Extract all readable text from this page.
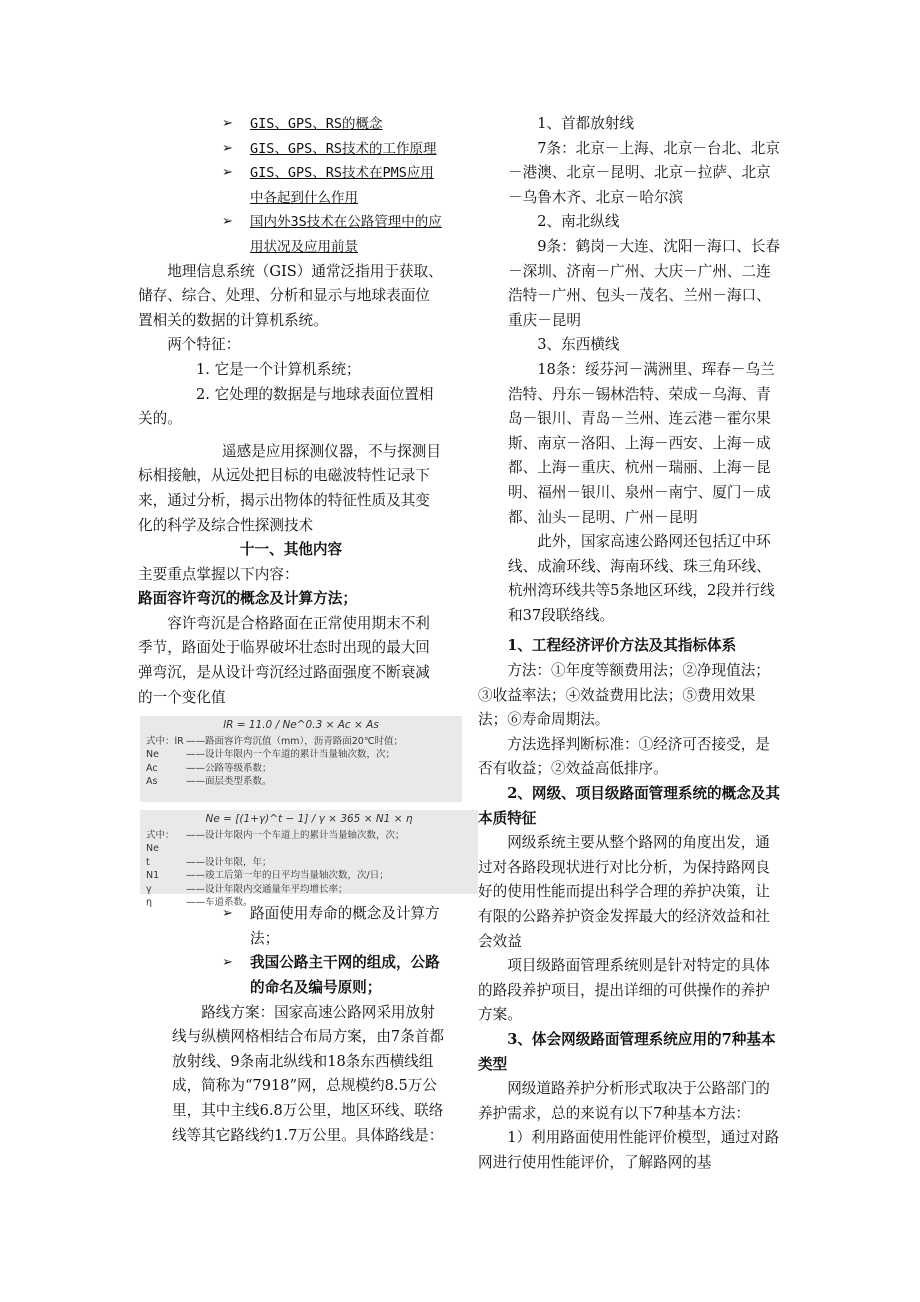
➢	GIS、GPS、RS的概念
➢	GIS、GPS、RS技术的工作原理
➢	GIS、GPS、RS技术在PMS应用中各起到什么作用
➢	国内外3S技术在公路管理中的应用状况及应用前景

地理信息系统（GIS）通常泛指用于获取、储存、综合、处理、分析和显示与地球表面位置相关的数据的计算机系统。

两个特征：

1. 它是一个计算机系统；

2. 它处理的数据是与地球表面位置相关的。

遥感是应用探测仪器，不与探测目标相接触，从远处把目标的电磁波特性记录下来，通过分析，揭示出物体的特征性质及其变化的科学及综合性探测技术

十一、其他内容

主要重点掌握以下内容：

路面容许弯沉的概念及计算方法；

容许弯沉是合格路面在正常使用期末不利季节，路面处于临界破坏壮态时出现的最大回弹弯沉，是从设计弯沉经过路面强度不断衰减的一个变化值

lR = 11.0 / Ne^0.3 × Ac × As
式中：lR ——路面容许弯沉值（mm），沥青路面20℃时值；
Ne	——设计年限内一个车道的累计当量轴次数，次；
Ac	——公路等级系数；
As	——面层类型系数。
Ne = [(1+γ)^t − 1] / γ × 365 × N1 × η
式中：Ne
——设计年限内一个车道上的累计当量轴次数，次；
t	——设计年限，年；
N1	——竣工后第一年的日平均当量轴次数，次/日；
γ	——设计年限内交通量年平均增长率；
η	——车道系数。
➢	路面使用寿命的概念及计算方法；
➢	我国公路主干网的组成，公路的命名及编号原则；

路线方案：国家高速公路网采用放射线与纵横网格相结合布局方案，由7条首都放射线、9条南北纵线和18条东西横线组成，简称为“7918”网，总规模约8.5万公里，其中主线6.8万公里，地区环线、联络线等其它路线约1.7万公里。具体路线是：

1、首都放射线

7条：北京－上海、北京－台北、北京－港澳、北京－昆明、北京－拉萨、北京－乌鲁木齐、北京－哈尔滨

2、南北纵线

9条：鹤岗－大连、沈阳－海口、长春－深圳、济南－广州、大庆－广州、二连浩特－广州、包头－茂名、兰州－海口、重庆－昆明

3、东西横线

18条：绥芬河－满洲里、珲春－乌兰浩特、丹东－锡林浩特、荣成－乌海、青岛－银川、青岛－兰州、连云港－霍尔果斯、南京－洛阳、上海－西安、上海－成都、上海－重庆、杭州－瑞丽、上海－昆明、福州－银川、泉州－南宁、厦门－成都、汕头－昆明、广州－昆明

此外，国家高速公路网还包括辽中环线、成渝环线、海南环线、珠三角环线、杭州湾环线共等5条地区环线，2段并行线和37段联络线。

1、工程经济评价方法及其指标体系

方法：①年度等额费用法；②净现值法；③收益率法；④效益费用比法；⑤费用效果法；⑥寿命周期法。

方法选择判断标准：①经济可否接受，是否有收益；②效益高低排序。

2、网级、项目级路面管理系统的概念及其本质特征

网级系统主要从整个路网的角度出发，通过对各路段现状进行对比分析，为保持路网良好的使用性能而提出科学合理的养护决策，让有限的公路养护资金发挥最大的经济效益和社会效益

项目级路面管理系统则是针对特定的具体的路段养护项目，提出详细的可供操作的养护方案。

3、体会网级路面管理系统应用的7种基本类型

网级道路养护分析形式取决于公路部门的养护需求，总的来说有以下7种基本方法：

1）利用路面使用性能评价模型，通过对路网进行使用性能评价，了解路网的基
